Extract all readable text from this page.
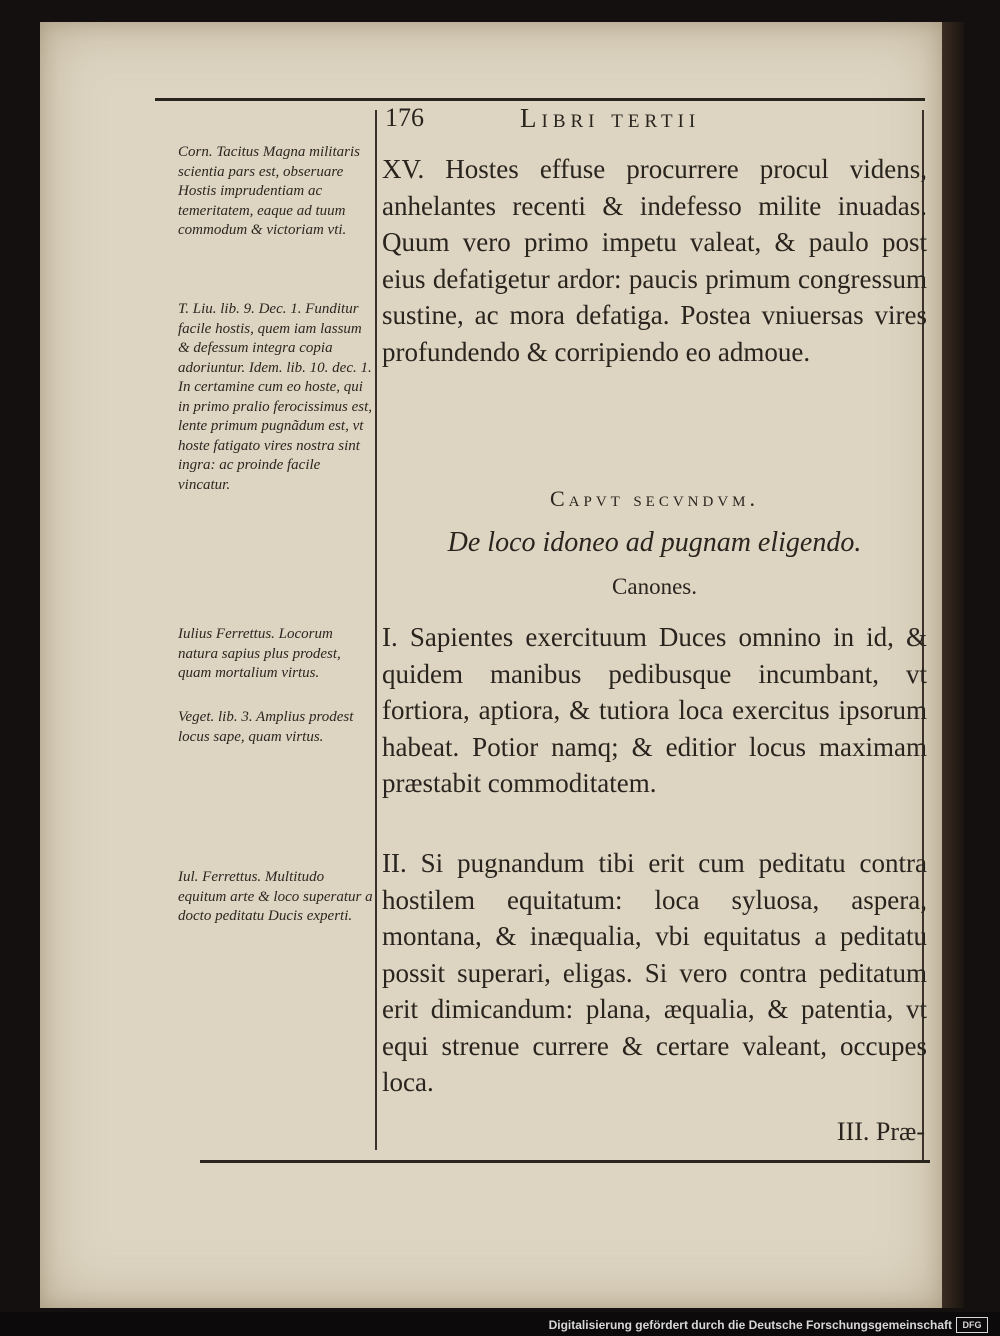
176	Libri tertii
Corn. Tacitus Magna militaris scientia pars est, obseruare Hostis imprudentiam ac temeritatem, eaque ad tuum commodum & victoriam vti.
T. Liu. lib. 9. Dec. 1. Funditur facile hostis, quem iam lassum & defessum integra copia adoriuntur. Idem. lib. 10. dec. 1. In certamine cum eo hoste, qui in primo pralio ferocissimus est, lente primum pugnãdum est, vt hoste fatigato vires nostra sint ingra: ac proinde facile vincatur.
Iulius Ferrettus. Locorum natura sapius plus prodest, quam mortalium virtus.
Veget. lib. 3. Amplius prodest locus sape, quam virtus.
Iul. Ferrettus. Multitudo equitum arte & loco superatur a docto peditatu Ducis experti.
XV. Hostes effuse procurrere procul videns, anhelantes recenti & indefesso milite inuadas. Quum vero primo impetu valeat, & paulo post eius defatigetur ardor: paucis primum congressum sustine, ac mora defatiga. Postea vniuersas vires profundendo & corripiendo eo admoue.
Capvt secvndvm.
De loco idoneo ad pugnam eligendo.
Canones.
I. Sapientes exercituum Duces omnino in id, & quidem manibus pedibusque incumbant, vt fortiora, aptiora, & tutiora loca exercitus ipsorum habeat. Potior namq; & editior locus maximam præstabit commoditatem.
II. Si pugnandum tibi erit cum peditatu contra hostilem equitatum: loca syluosa, aspera, montana, & inæqualia, vbi equitatus a peditatu possit superari, eligas. Si vero contra peditatum erit dimicandum: plana, æqualia, & patentia, vt equi strenue currere & certare valeant, occupes loca.
III. Præ-
Digitalisierung gefördert durch die Deutsche Forschungsgemeinschaft	DFG
